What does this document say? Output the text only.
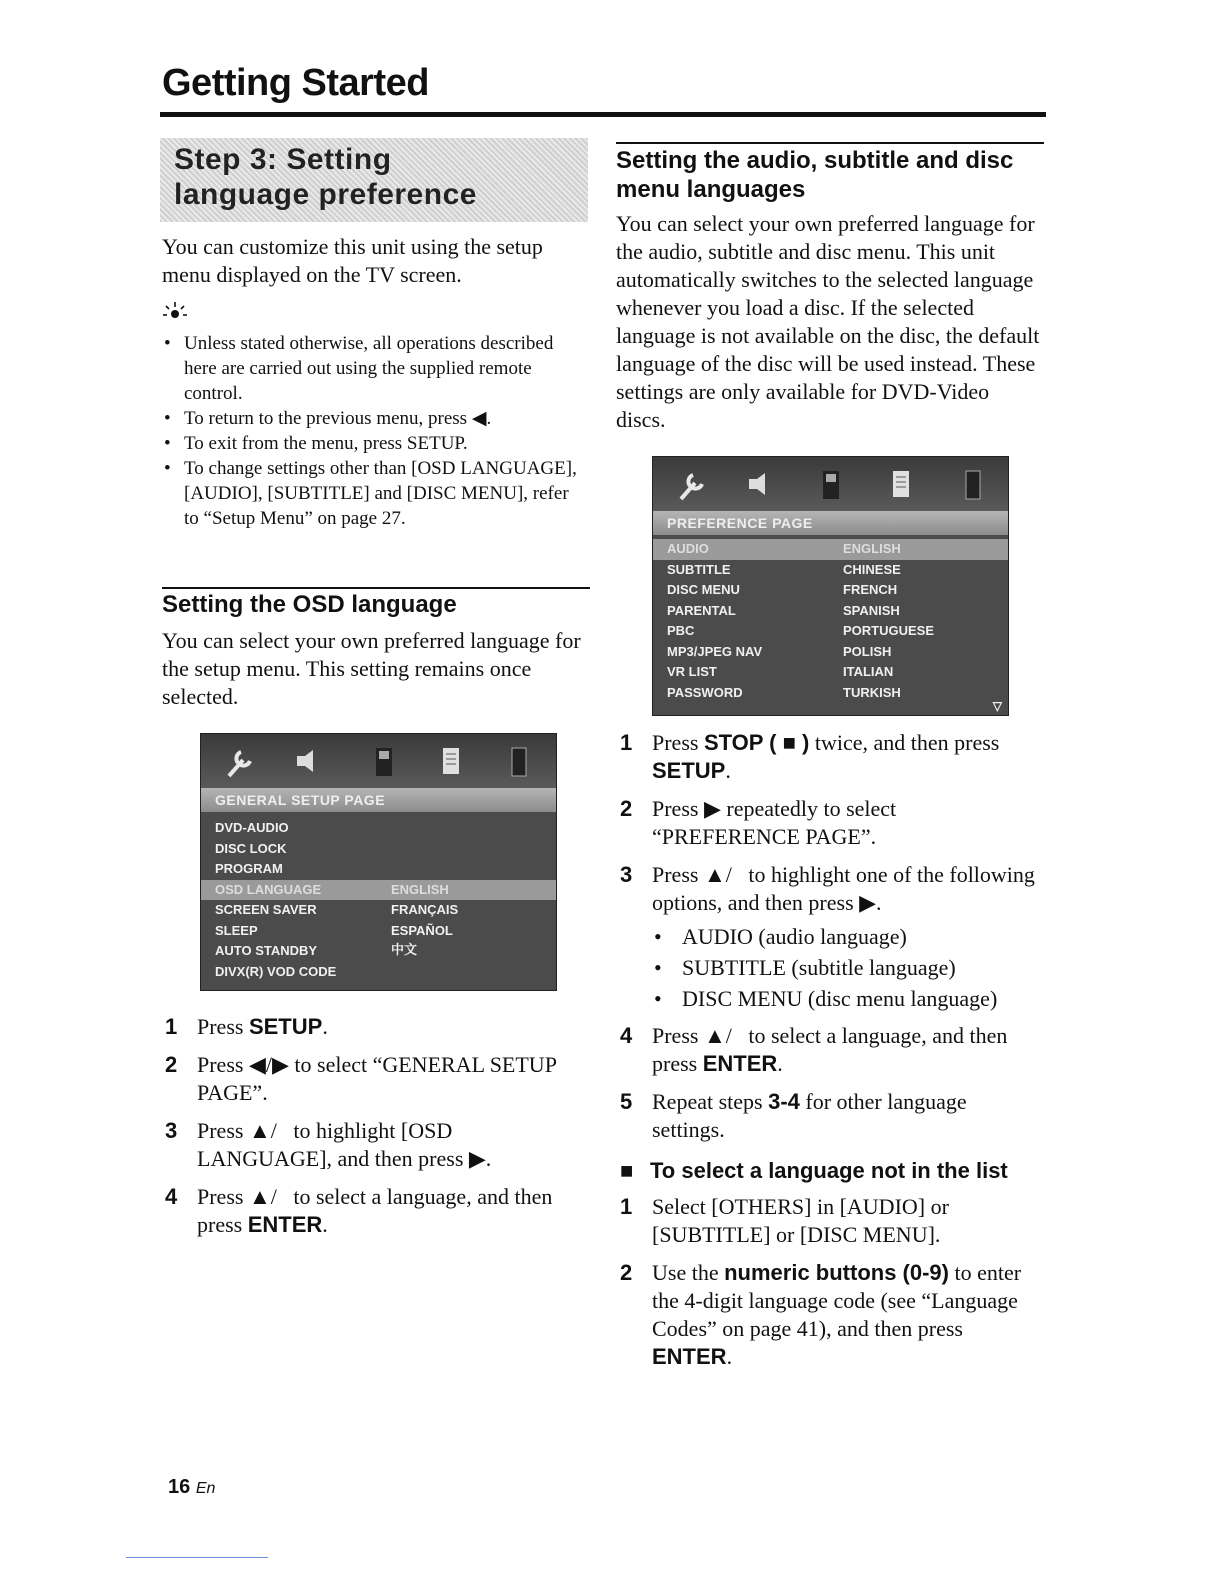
Getting Started
Step 3: Setting language preference
You can customize this unit using the setup menu displayed on the TV screen.
• Unless stated otherwise, all operations described here are carried out using the supplied remote control.
• To return to the previous menu, press ◀.
• To exit from the menu, press SETUP.
• To change settings other than [OSD LANGUAGE], [AUDIO], [SUBTITLE] and [DISC MENU], refer to “Setup Menu” on page 27.
Setting the OSD language
You can select your own preferred language for the setup menu. This setting remains once selected.
GENERAL SETUP PAGE
DVD-AUDIO
DISC LOCK
PROGRAM
OSD LANGUAGE	ENGLISH
SCREEN SAVER	FRANÇAIS
SLEEP	ESPAÑOL
AUTO STANDBY	中文
DIVX(R) VOD CODE
1 Press SETUP.
2 Press ◀/▶ to select “GENERAL SETUP PAGE”.
3 Press ▲/   to highlight [OSD LANGUAGE], and then press ▶.
4 Press ▲/   to select a language, and then press ENTER.
Setting the audio, subtitle and disc menu languages
You can select your own preferred language for the audio, subtitle and disc menu. This unit automatically switches to the selected language whenever you load a disc. If the selected language is not available on the disc, the default language of the disc will be used instead. These settings are only available for DVD-Video discs.
PREFERENCE PAGE
AUDIO	ENGLISH
SUBTITLE	CHINESE
DISC MENU	FRENCH
PARENTAL	SPANISH
PBC	PORTUGUESE
MP3/JPEG NAV	POLISH
VR LIST	ITALIAN
PASSWORD	TURKISH
▽
1 Press STOP ( ■ ) twice, and then press SETUP.
2 Press ▶ repeatedly to select “PREFERENCE PAGE”.
3 Press ▲/   to highlight one of the following options, and then press ▶.
• AUDIO (audio language)
• SUBTITLE (subtitle language)
• DISC MENU (disc menu language)
4 Press ▲/   to select a language, and then press ENTER.
5 Repeat steps 3-4 for other language settings.
■ To select a language not in the list
1 Select [OTHERS] in [AUDIO] or [SUBTITLE] or [DISC MENU].
2 Use the numeric buttons (0-9) to enter the 4-digit language code (see “Language Codes” on page 41), and then press ENTER.
16 En
